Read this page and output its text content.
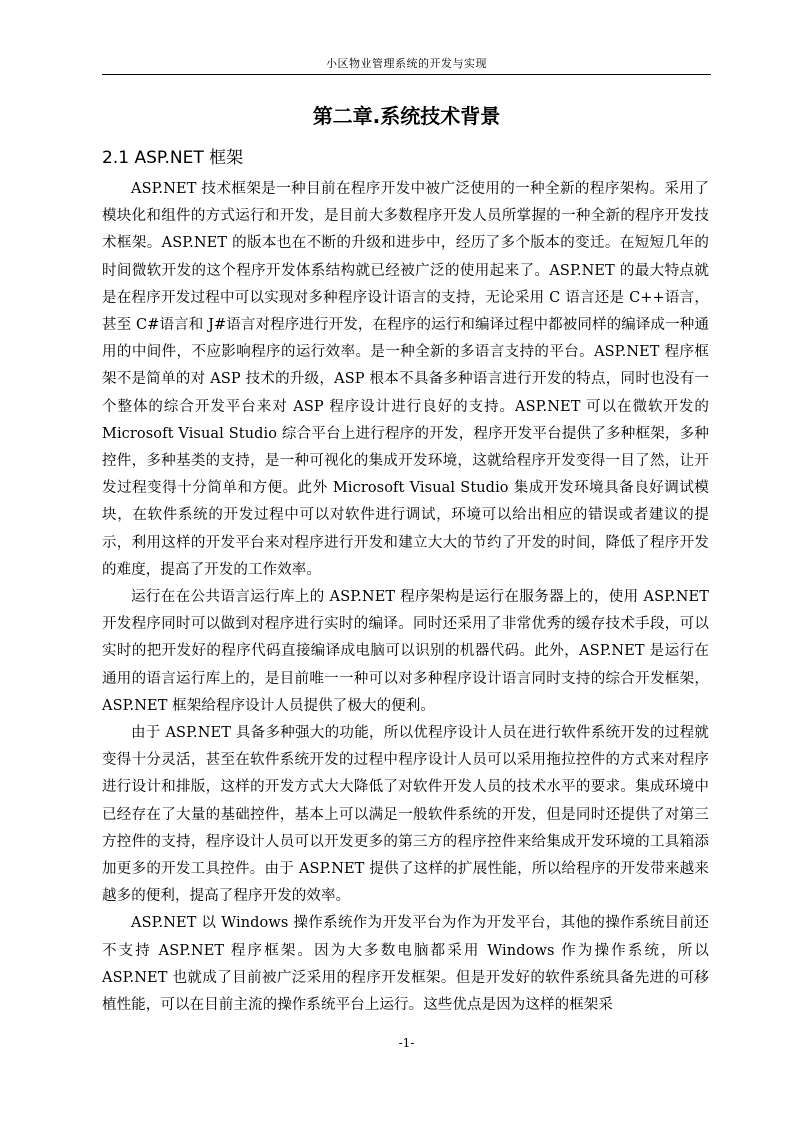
小区物业管理系统的开发与实现
第二章.系统技术背景
2.1 ASP.NET 框架

ASP.NET 技术框架是一种目前在程序开发中被广泛使用的一种全新的程序架构。采用了模块化和组件的方式运行和开发，是目前大多数程序开发人员所掌握的一种全新的程序开发技术框架。ASP.NET 的版本也在不断的升级和进步中，经历了多个版本的变迁。在短短几年的时间微软开发的这个程序开发体系结构就已经被广泛的使用起来了。ASP.NET 的最大特点就是在程序开发过程中可以实现对多种程序设计语言的支持，无论采用 C 语言还是 C++语言，甚至 C#语言和 J#语言对程序进行开发，在程序的运行和编译过程中都被同样的编译成一种通用的中间件，不应影响程序的运行效率。是一种全新的多语言支持的平台。ASP.NET 程序框架不是简单的对 ASP 技术的升级，ASP 根本不具备多种语言进行开发的特点，同时也没有一个整体的综合开发平台来对 ASP 程序设计进行良好的支持。ASP.NET 可以在微软开发的 Microsoft Visual Studio 综合平台上进行程序的开发，程序开发平台提供了多种框架，多种控件，多种基类的支持，是一种可视化的集成开发环境，这就给程序开发变得一目了然，让开发过程变得十分简单和方便。此外 Microsoft Visual Studio 集成开发环境具备良好调试模块，在软件系统的开发过程中可以对软件进行调试，环境可以给出相应的错误或者建议的提示，利用这样的开发平台来对程序进行开发和建立大大的节约了开发的时间，降低了程序开发的难度，提高了开发的工作效率。

运行在在公共语言运行库上的 ASP.NET 程序架构是运行在服务器上的，使用 ASP.NET 开发程序同时可以做到对程序进行实时的编译。同时还采用了非常优秀的缓存技术手段，可以实时的把开发好的程序代码直接编译成电脑可以识别的机器代码。此外，ASP.NET 是运行在通用的语言运行库上的，是目前唯一一种可以对多种程序设计语言同时支持的综合开发框架，ASP.NET 框架给程序设计人员提供了极大的便利。

由于 ASP.NET 具备多种强大的功能，所以优程序设计人员在进行软件系统开发的过程就变得十分灵活，甚至在软件系统开发的过程中程序设计人员可以采用拖拉控件的方式来对程序进行设计和排版，这样的开发方式大大降低了对软件开发人员的技术水平的要求。集成环境中已经存在了大量的基础控件，基本上可以满足一般软件系统的开发，但是同时还提供了对第三方控件的支持，程序设计人员可以开发更多的第三方的程序控件来给集成开发环境的工具箱添加更多的开发工具控件。由于 ASP.NET 提供了这样的扩展性能，所以给程序的开发带来越来越多的便利，提高了程序开发的效率。

ASP.NET 以 Windows 操作系统作为开发平台为作为开发平台，其他的操作系统目前还不支持 ASP.NET 程序框架。因为大多数电脑都采用 Windows 作为操作系统，所以 ASP.NET 也就成了目前被广泛采用的程序开发框架。但是开发好的软件系统具备先进的可移植性能，可以在目前主流的操作系统平台上运行。这些优点是因为这样的框架采

-1-
